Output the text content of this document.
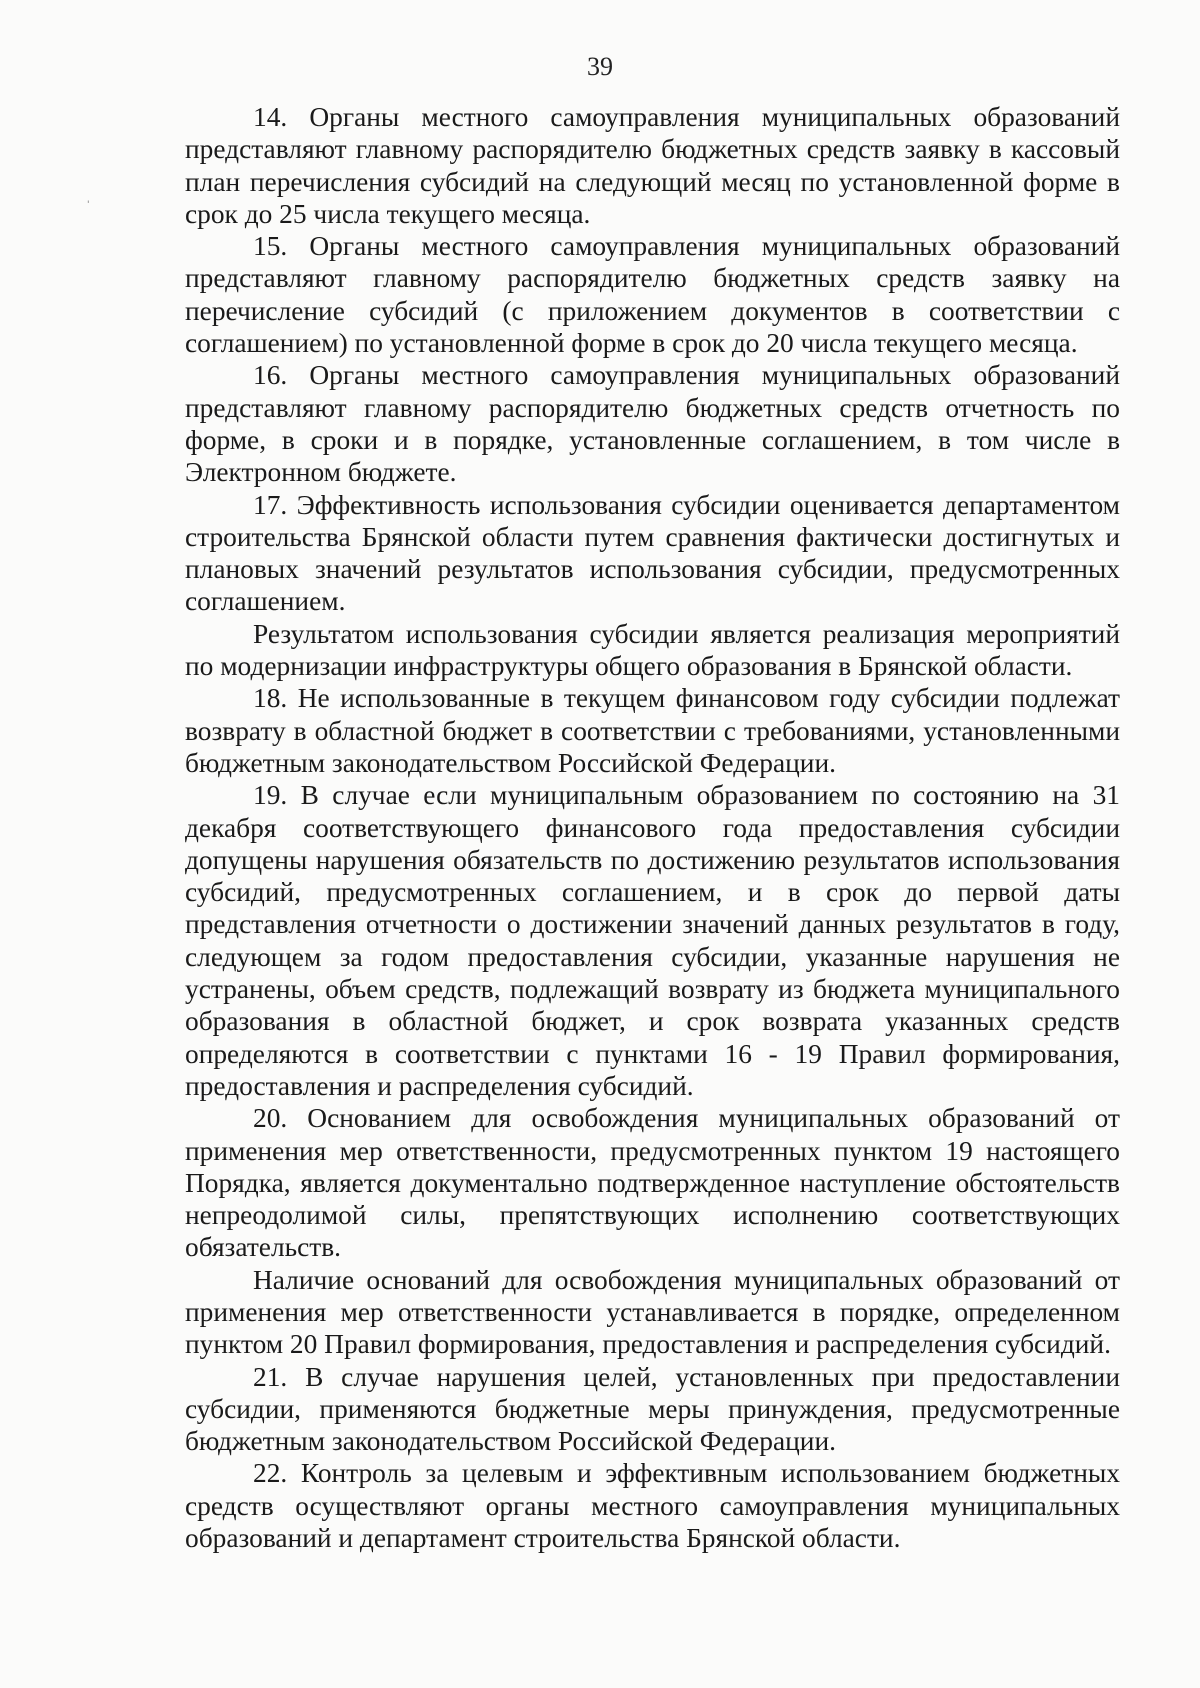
39
'

14. Органы местного самоуправления муниципальных образований представляют главному распорядителю бюджетных средств заявку в кассовый план перечисления субсидий на следующий месяц по установленной форме в срок до 25 числа текущего месяца.

15. Органы местного самоуправления муниципальных образований представляют главному распорядителю бюджетных средств заявку на перечисление субсидий (с приложением документов в соответствии с соглашением) по установленной форме в срок до 20 числа текущего месяца.

16. Органы местного самоуправления муниципальных образований представляют главному распорядителю бюджетных средств отчетность по форме, в сроки и в порядке, установленные соглашением, в том числе в Электронном бюджете.

17. Эффективность использования субсидии оценивается департаментом строительства Брянской области путем сравнения фактически достигнутых и плановых значений результатов использования субсидии, предусмотренных соглашением.

Результатом использования субсидии является реализация мероприятий по модернизации инфраструктуры общего образования в Брянской области.

18. Не использованные в текущем финансовом году субсидии подлежат возврату в областной бюджет в соответствии с требованиями, установленными бюджетным законодательством Российской Федерации.

19. В случае если муниципальным образованием по состоянию на 31 декабря соответствующего финансового года предоставления субсидии допущены нарушения обязательств по достижению результатов использования субсидий, предусмотренных соглашением, и в срок до первой даты представления отчетности о достижении значений данных результатов в году, следующем за годом предоставления субсидии, указанные нарушения не устранены, объем средств, подлежащий возврату из бюджета муниципального образования в областной бюджет, и срок возврата указанных средств определяются в соответствии с пунктами 16 - 19 Правил формирования, предоставления и распределения субсидий.

20. Основанием для освобождения муниципальных образований от применения мер ответственности, предусмотренных пунктом 19 настоящего Порядка, является документально подтвержденное наступление обстоятельств непреодолимой силы, препятствующих исполнению соответствующих обязательств.

Наличие оснований для освобождения муниципальных образований от применения мер ответственности устанавливается в порядке, определенном пунктом 20 Правил формирования, предоставления и распределения субсидий.

21. В случае нарушения целей, установленных при предоставлении субсидии, применяются бюджетные меры принуждения, предусмотренные бюджетным законодательством Российской Федерации.

22. Контроль за целевым и эффективным использованием бюджетных средств осуществляют органы местного самоуправления муниципальных образований и департамент строительства Брянской области.
